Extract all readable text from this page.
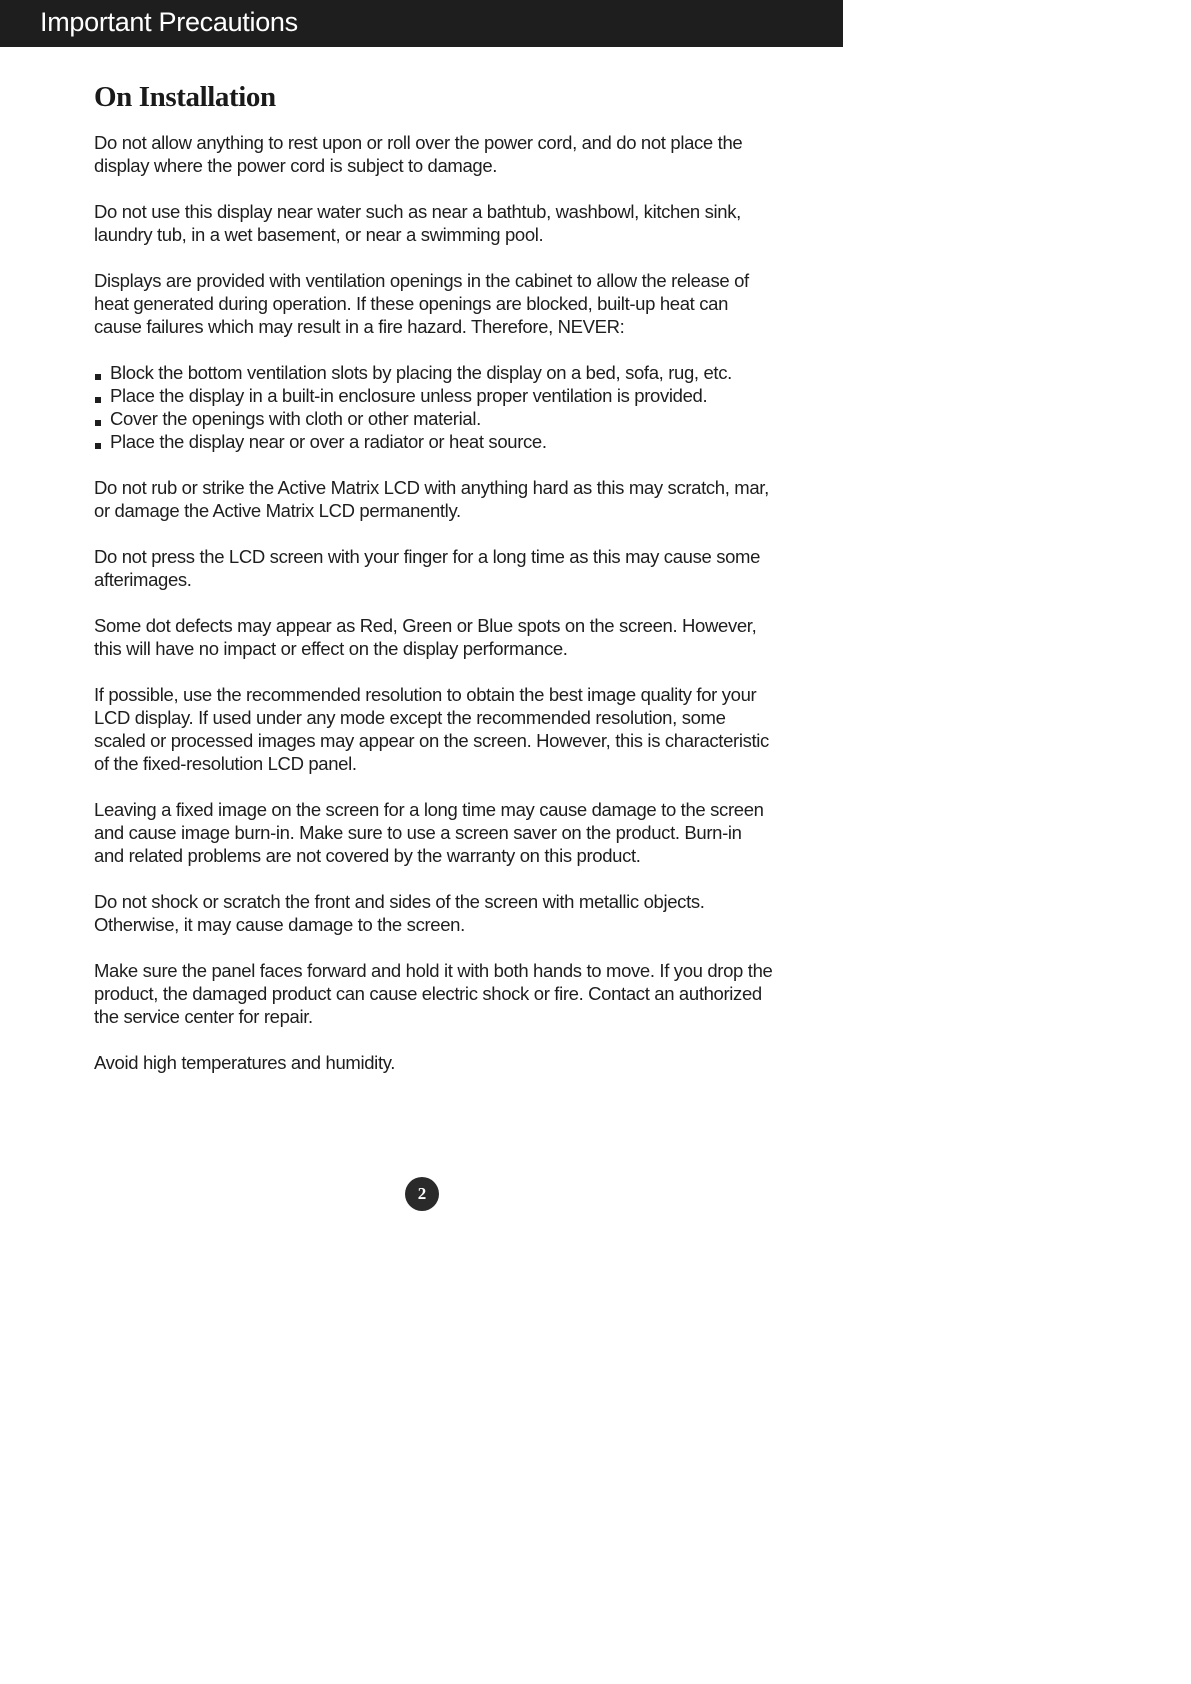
Important Precautions
On Installation

Do not allow anything to rest upon or roll over the power cord, and do not place the display where the power cord is subject to damage.

Do not use this display near water such as near a bathtub, washbowl, kitchen sink, laundry tub, in a wet basement, or near a swimming pool.

Displays are provided with ventilation openings in the cabinet to allow the release of heat generated during operation. If these openings are blocked, built-up heat can cause failures which may result in a fire hazard. Therefore, NEVER:

Block the bottom ventilation slots by placing the display on a bed, sofa, rug, etc.
Place the display in a built-in enclosure unless proper ventilation is provided.
Cover the openings with cloth or other material.
Place the display near or over a radiator or heat source.

Do not rub or strike the Active Matrix LCD with anything hard as this may scratch, mar, or damage the Active Matrix LCD permanently.

Do not press the LCD screen with your finger for a long time as this may cause some afterimages.

Some dot defects may appear as Red, Green or Blue spots on the screen. However, this will have no impact or effect on the display performance.

If possible, use the recommended resolution to obtain the best image quality for your LCD display. If used under any mode except the recommended resolution, some scaled or processed images may appear on the screen. However, this is characteristic of the fixed-resolution LCD panel.

Leaving a fixed image on the screen for a long time may cause damage to the screen and cause image burn-in. Make sure to use a screen saver on the product. Burn-in and related problems are not covered by the warranty on this product.

Do not shock or scratch the front and sides of the screen with metallic objects. Otherwise, it may cause damage to the screen.

Make sure the panel faces forward and hold it with both hands to move. If you drop the product, the damaged product can cause electric shock or fire. Contact an authorized the service center for repair.

Avoid high temperatures and humidity.

2
